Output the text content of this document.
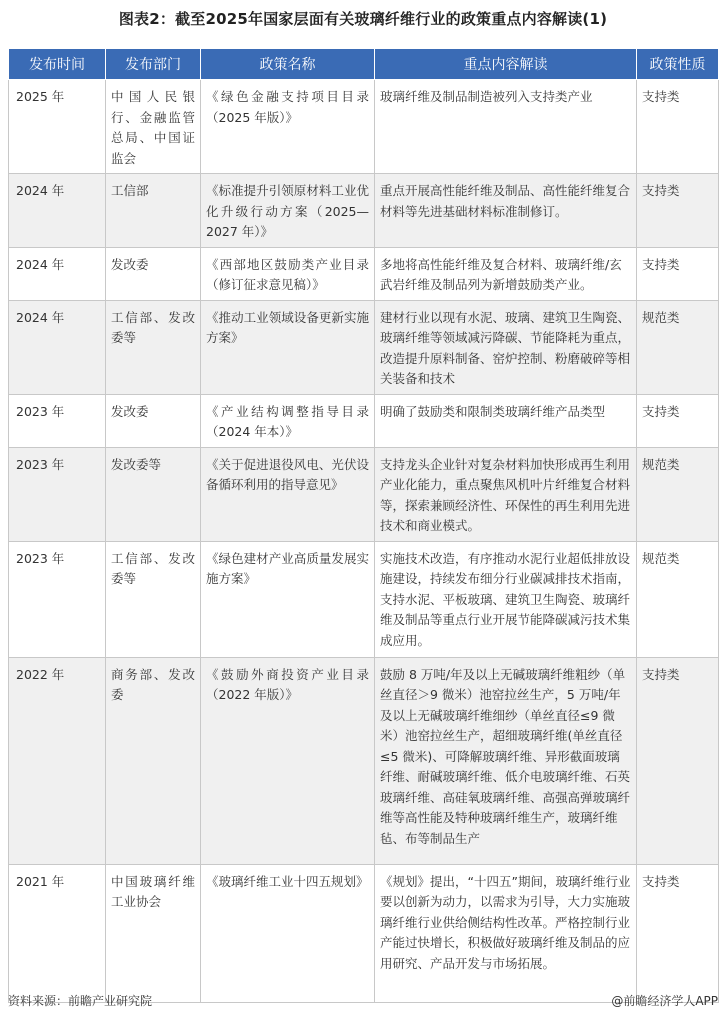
图表2：截至2025年国家层面有关玻璃纤维行业的政策重点内容解读(1)
发布时间	发布部门	政策名称	重点内容解读	政策性质
2025 年	中国人民银行、金融监管总局、中国证监会	《绿色金融支持项目目录（2025 年版）》	玻璃纤维及制品制造被列入支持类产业	支持类
2024 年	工信部	《标准提升引领原材料工业优化升级行动方案（2025—2027 年）》	重点开展高性能纤维及制品、高性能纤维复合材料等先进基础材料标准制修订。	支持类
2024 年	发改委	《西部地区鼓励类产业目录（修订征求意见稿）》	多地将高性能纤维及复合材料、玻璃纤维/玄武岩纤维及制品列为新增鼓励类产业。	支持类
2024 年	工信部、发改委等	《推动工业领域设备更新实施方案》	建材行业以现有水泥、玻璃、建筑卫生陶瓷、玻璃纤维等领域减污降碳、节能降耗为重点，改造提升原料制备、窑炉控制、粉磨破碎等相关装备和技术	规范类
2023 年	发改委	《产业结构调整指导目录（2024 年本）》	明确了鼓励类和限制类玻璃纤维产品类型	支持类
2023 年	发改委等	《关于促进退役风电、光伏设备循环利用的指导意见》	支持龙头企业针对复杂材料加快形成再生利用产业化能力，重点聚焦风机叶片纤维复合材料等，探索兼顾经济性、环保性的再生利用先进技术和商业模式。	规范类
2023 年	工信部、发改委等	《绿色建材产业高质量发展实施方案》	实施技术改造，有序推动水泥行业超低排放设施建设，持续发布细分行业碳减排技术指南，支持水泥、平板玻璃、建筑卫生陶瓷、玻璃纤维及制品等重点行业开展节能降碳减污技术集成应用。	规范类
2022 年	商务部、发改委	《鼓励外商投资产业目录（2022 年版）》	鼓励 8 万吨/年及以上无碱玻璃纤维粗纱（单丝直径＞9 微米）池窑拉丝生产，5 万吨/年及以上无碱玻璃纤维细纱（单丝直径≤9 微米）池窑拉丝生产，超细玻璃纤维(单丝直径≤5 微米)、可降解玻璃纤维、异形截面玻璃纤维、耐碱玻璃纤维、低介电玻璃纤维、石英玻璃纤维、高硅氧玻璃纤维、高强高弹玻璃纤维等高性能及特种玻璃纤维生产，玻璃纤维毡、布等制品生产	支持类
2021 年	中国玻璃纤维工业协会	《玻璃纤维工业十四五规划》	《规划》提出，“十四五”期间，玻璃纤维行业要以创新为动力，以需求为引导，大力实施玻璃纤维行业供给侧结构性改革。严格控制行业产能过快增长，积极做好玻璃纤维及制品的应用研究、产品开发与市场拓展。	支持类
资料来源：前瞻产业研究院	@前瞻经济学人APP
